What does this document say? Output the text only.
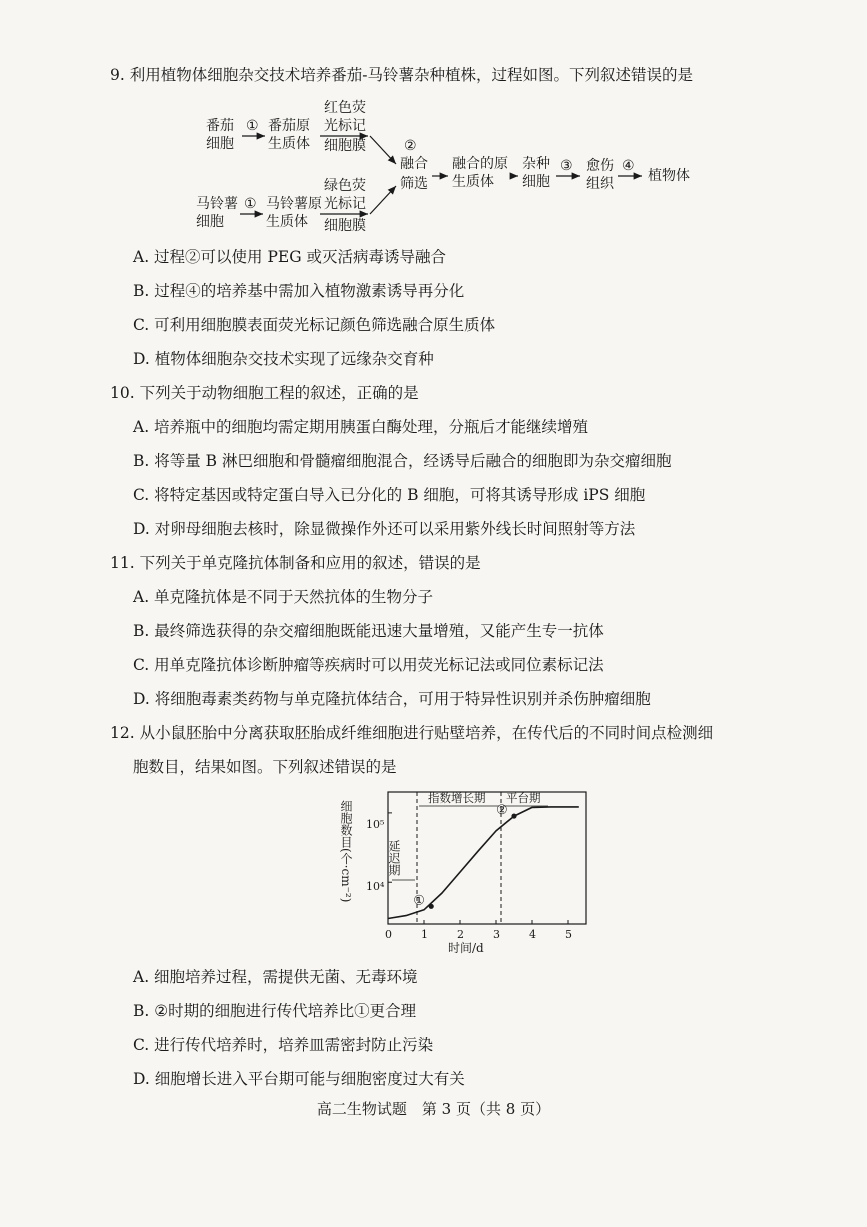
9. 利用植物体细胞杂交技术培养番茄-马铃薯杂种植株，过程如图。下列叙述错误的是
番茄
细胞
① 番茄原
生质体
红色荧
光标记
细胞膜	②
融合
筛选
融合的原
生质体
杂种
细胞
③ 愈伤
组织
④
植物体
马铃薯
细胞
① 马铃薯原
生质体
绿色荧
光标记
细胞膜
A. 过程②可以使用 PEG 或灭活病毒诱导融合
B. 过程④的培养基中需加入植物激素诱导再分化
C. 可利用细胞膜表面荧光标记颜色筛选融合原生质体
D. 植物体细胞杂交技术实现了远缘杂交育种
10. 下列关于动物细胞工程的叙述，正确的是
A. 培养瓶中的细胞均需定期用胰蛋白酶处理，分瓶后才能继续增殖
B. 将等量 B 淋巴细胞和骨髓瘤细胞混合，经诱导后融合的细胞即为杂交瘤细胞
C. 将特定基因或特定蛋白导入已分化的 B 细胞，可将其诱导形成 iPS 细胞
D. 对卵母细胞去核时，除显微操作外还可以采用紫外线长时间照射等方法
11. 下列关于单克隆抗体制备和应用的叙述，错误的是
A. 单克隆抗体是不同于天然抗体的生物分子
B. 最终筛选获得的杂交瘤细胞既能迅速大量增殖，又能产生专一抗体
C. 用单克隆抗体诊断肿瘤等疾病时可以用荧光标记法或同位素标记法
D. 将细胞毒素类药物与单克隆抗体结合，可用于特异性识别并杀伤肿瘤细胞
12. 从小鼠胚胎中分离获取胚胎成纤维细胞进行贴壁培养，在传代后的不同时间点检测细
胞数目，结果如图。下列叙述错误的是
细胞数目(个·cm⁻²)
时间/d
10⁴
10⁵
延迟期
指数增长期 平台期
0	1	2	3	4	5
①
②
A. 细胞培养过程，需提供无菌、无毒环境
B. ②时期的细胞进行传代培养比①更合理
C. 进行传代培养时，培养皿需密封防止污染
D. 细胞增长进入平台期可能与细胞密度过大有关
高二生物试题　第 3 页（共 8 页）
